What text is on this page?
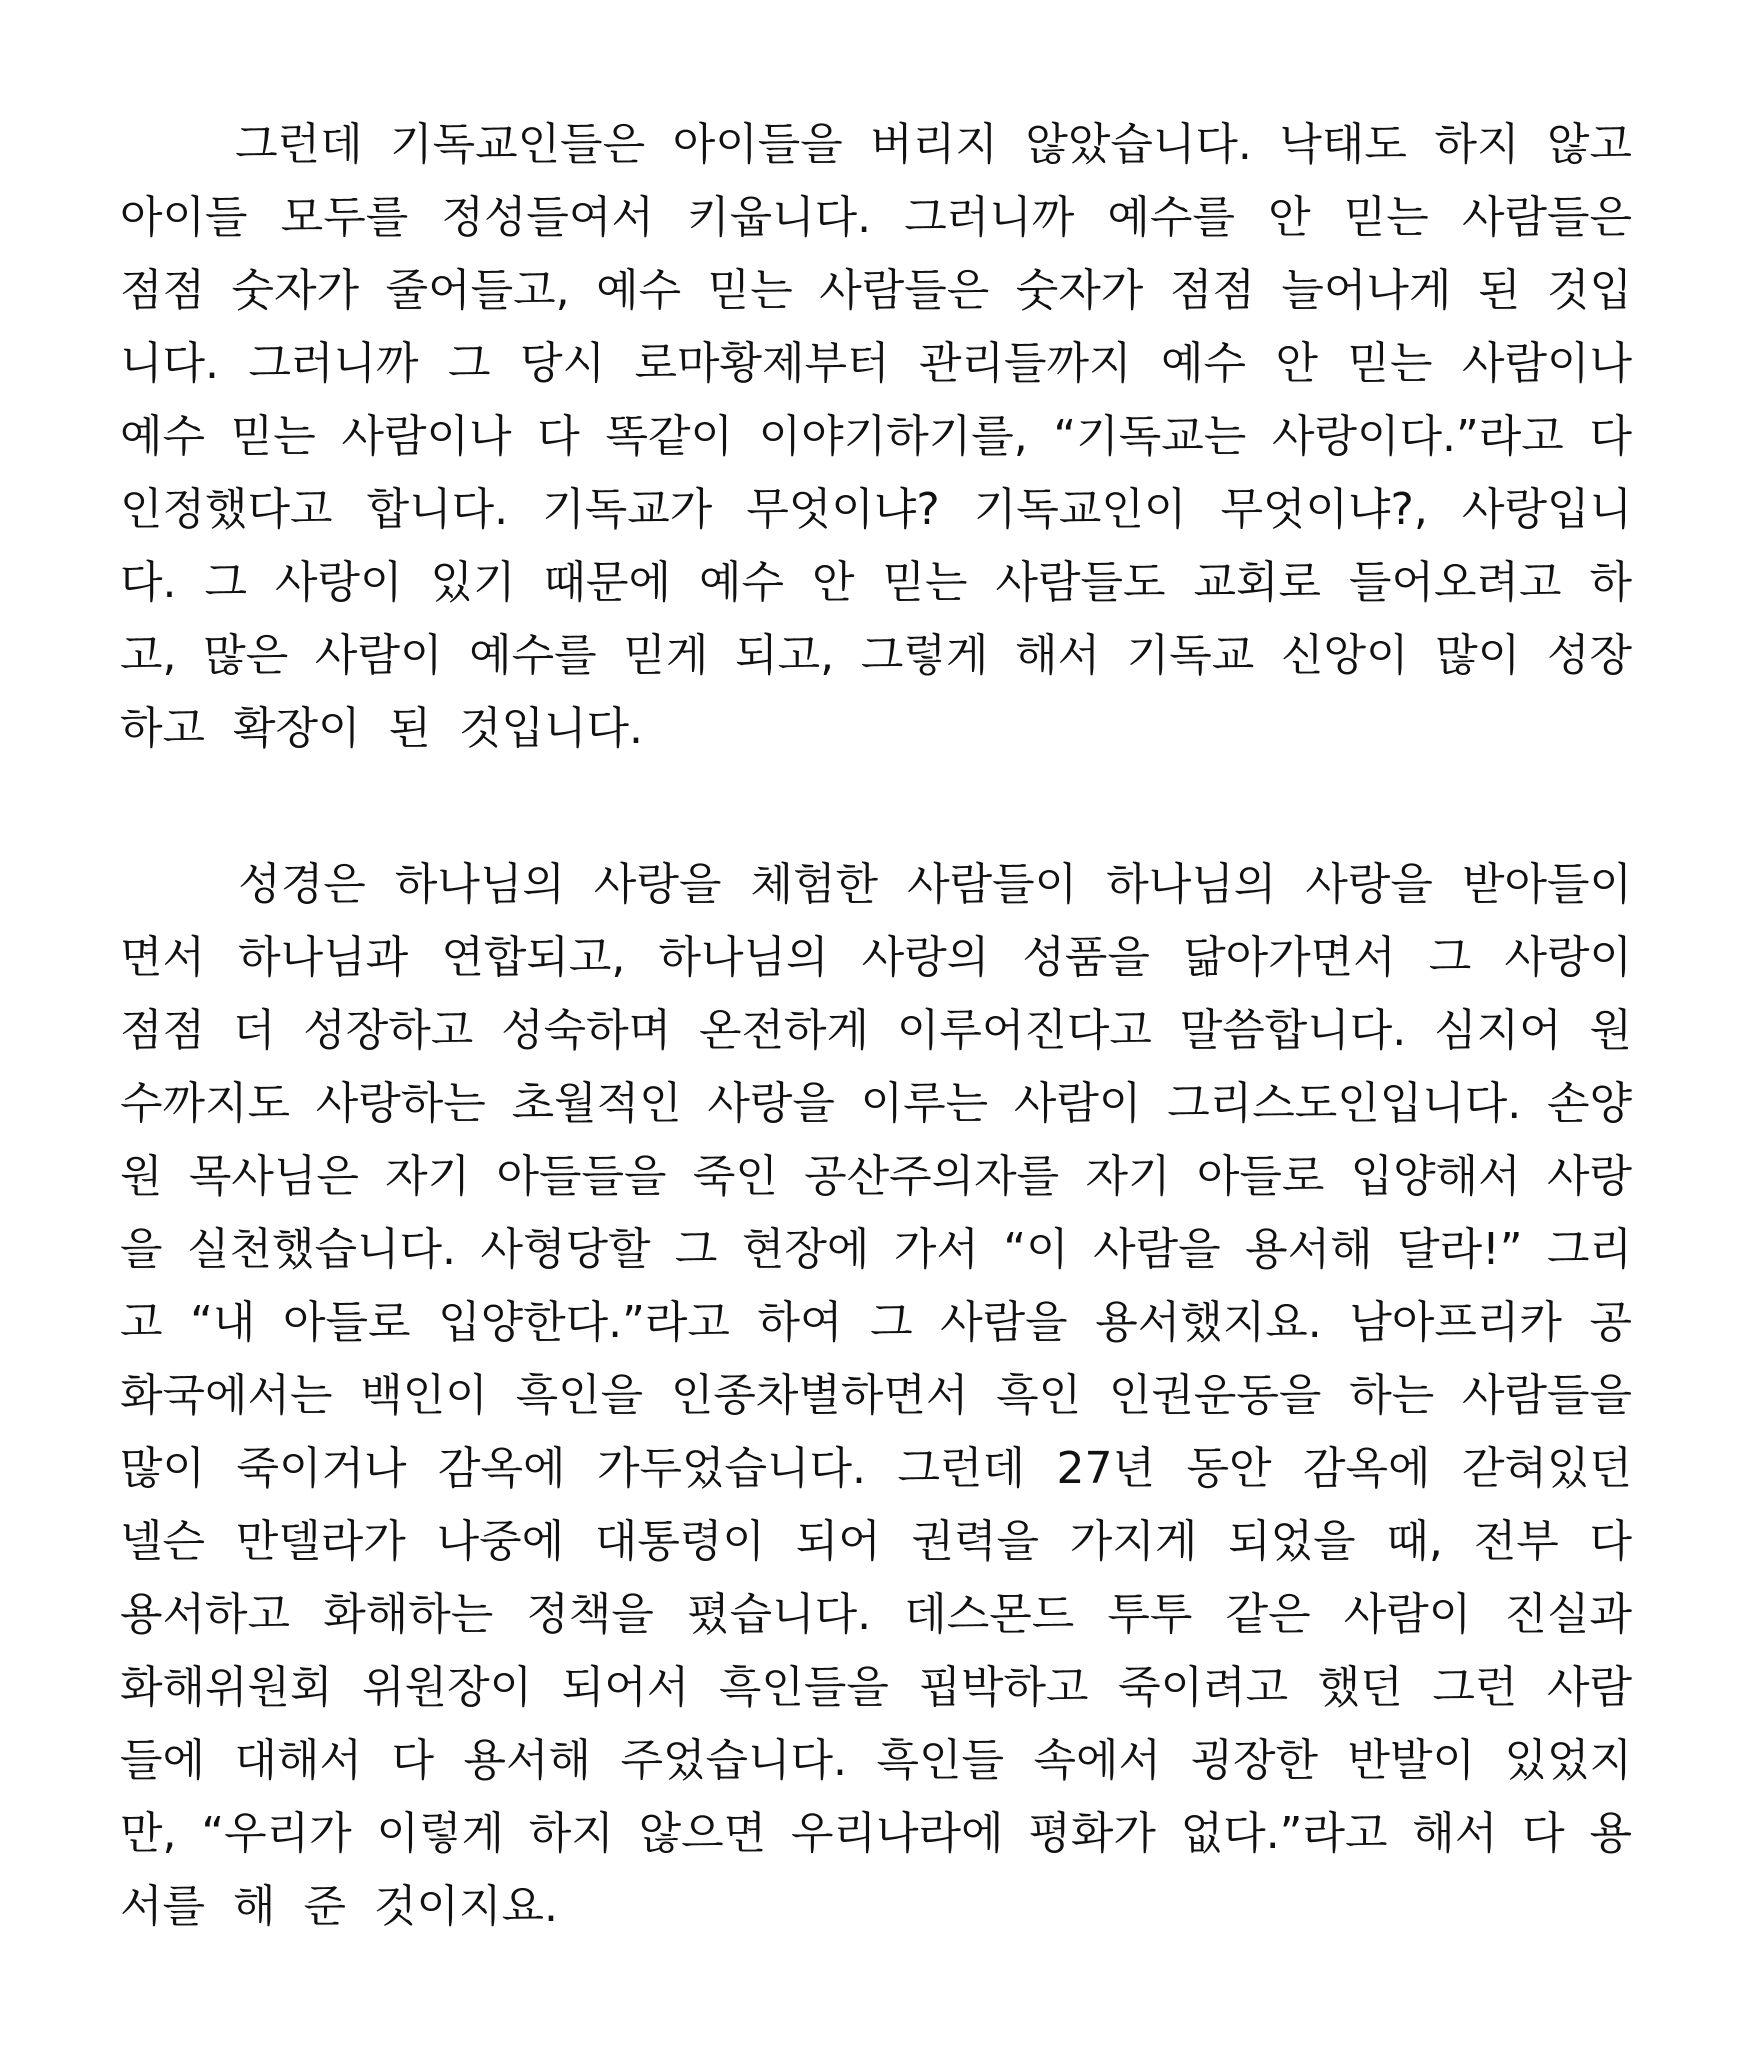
　　그런데 기독교인들은 아이들을 버리지 않았습니다. 낙태도 하지 않고
아이들 모두를 정성들여서 키웁니다. 그러니까 예수를 안 믿는 사람들은
점점 숫자가 줄어들고, 예수 믿는 사람들은 숫자가 점점 늘어나게 된 것입
니다. 그러니까 그 당시 로마황제부터 관리들까지 예수 안 믿는 사람이나
예수 믿는 사람이나 다 똑같이 이야기하기를, “기독교는 사랑이다.”라고 다
인정했다고 합니다. 기독교가 무엇이냐? 기독교인이 무엇이냐?, 사랑입니
다. 그 사랑이 있기 때문에 예수 안 믿는 사람들도 교회로 들어오려고 하
고, 많은 사람이 예수를 믿게 되고, 그렇게 해서 기독교 신앙이 많이 성장
하고 확장이 된 것입니다.
　　성경은 하나님의 사랑을 체험한 사람들이 하나님의 사랑을 받아들이
면서 하나님과 연합되고, 하나님의 사랑의 성품을 닮아가면서 그 사랑이
점점 더 성장하고 성숙하며 온전하게 이루어진다고 말씀합니다. 심지어 원
수까지도 사랑하는 초월적인 사랑을 이루는 사람이 그리스도인입니다. 손양
원 목사님은 자기 아들들을 죽인 공산주의자를 자기 아들로 입양해서 사랑
을 실천했습니다. 사형당할 그 현장에 가서 “이 사람을 용서해 달라!” 그리
고 “내 아들로 입양한다.”라고 하여 그 사람을 용서했지요. 남아프리카 공
화국에서는 백인이 흑인을 인종차별하면서 흑인 인권운동을 하는 사람들을
많이 죽이거나 감옥에 가두었습니다. 그런데 27년 동안 감옥에 갇혀있던
넬슨 만델라가 나중에 대통령이 되어 권력을 가지게 되었을 때, 전부 다
용서하고 화해하는 정책을 폈습니다. 데스몬드 투투 같은 사람이 진실과
화해위원회 위원장이 되어서 흑인들을 핍박하고 죽이려고 했던 그런 사람
들에 대해서 다 용서해 주었습니다. 흑인들 속에서 굉장한 반발이 있었지
만, “우리가 이렇게 하지 않으면 우리나라에 평화가 없다.”라고 해서 다 용
서를 해 준 것이지요.
